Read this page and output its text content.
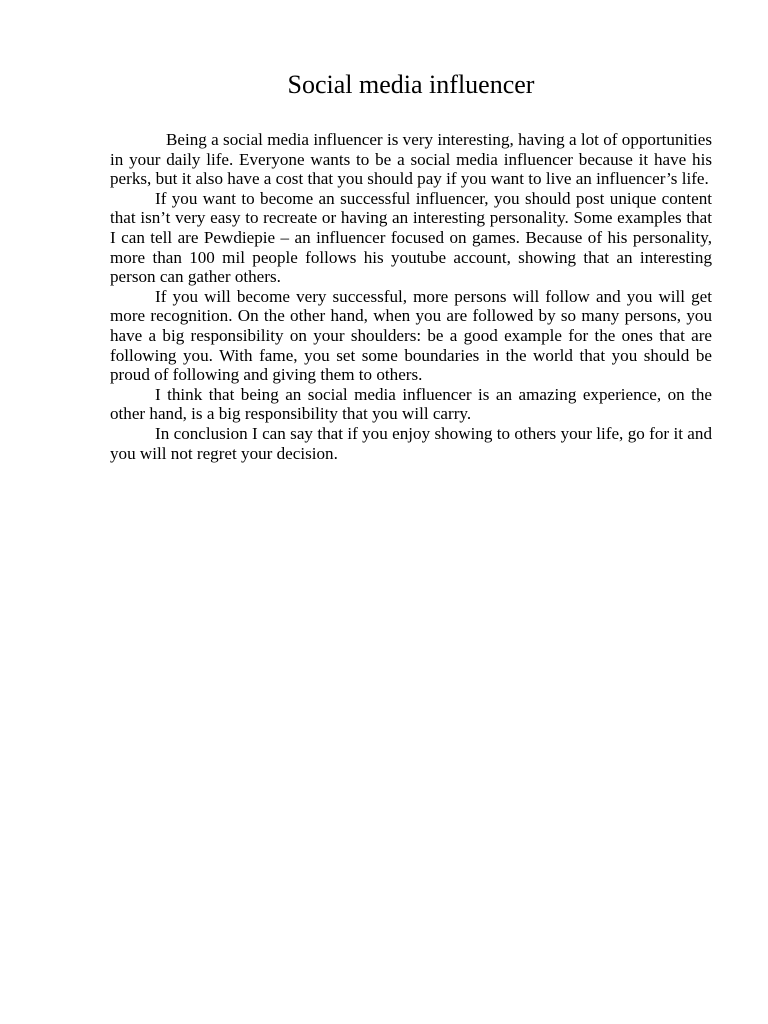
Social media influencer

Being a social media influencer is very interesting, having a lot of opportunities in your daily life. Everyone wants to be a social media influencer because it have his perks, but it also have a cost that you should pay if you want to live an influencer’s life.

If you want to become an successful influencer, you should post unique content that isn’t very easy to recreate or having an interesting personality. Some examples that I can tell are Pewdiepie – an influencer focused on games. Because of his personality, more than 100 mil people follows his youtube account, showing that an interesting person can gather others.

If you will become very successful, more persons will follow and you will get more recognition. On the other hand, when you are followed by so many persons, you have a big responsibility on your shoulders: be a good example for the ones that are following you. With fame, you set some boundaries in the world that you should be proud of following and giving them to others.

I think that being an social media influencer is an amazing experience, on the other hand, is a big responsibility that you will carry.

In conclusion I can say that if you enjoy showing to others your life, go for it and you will not regret your decision.
